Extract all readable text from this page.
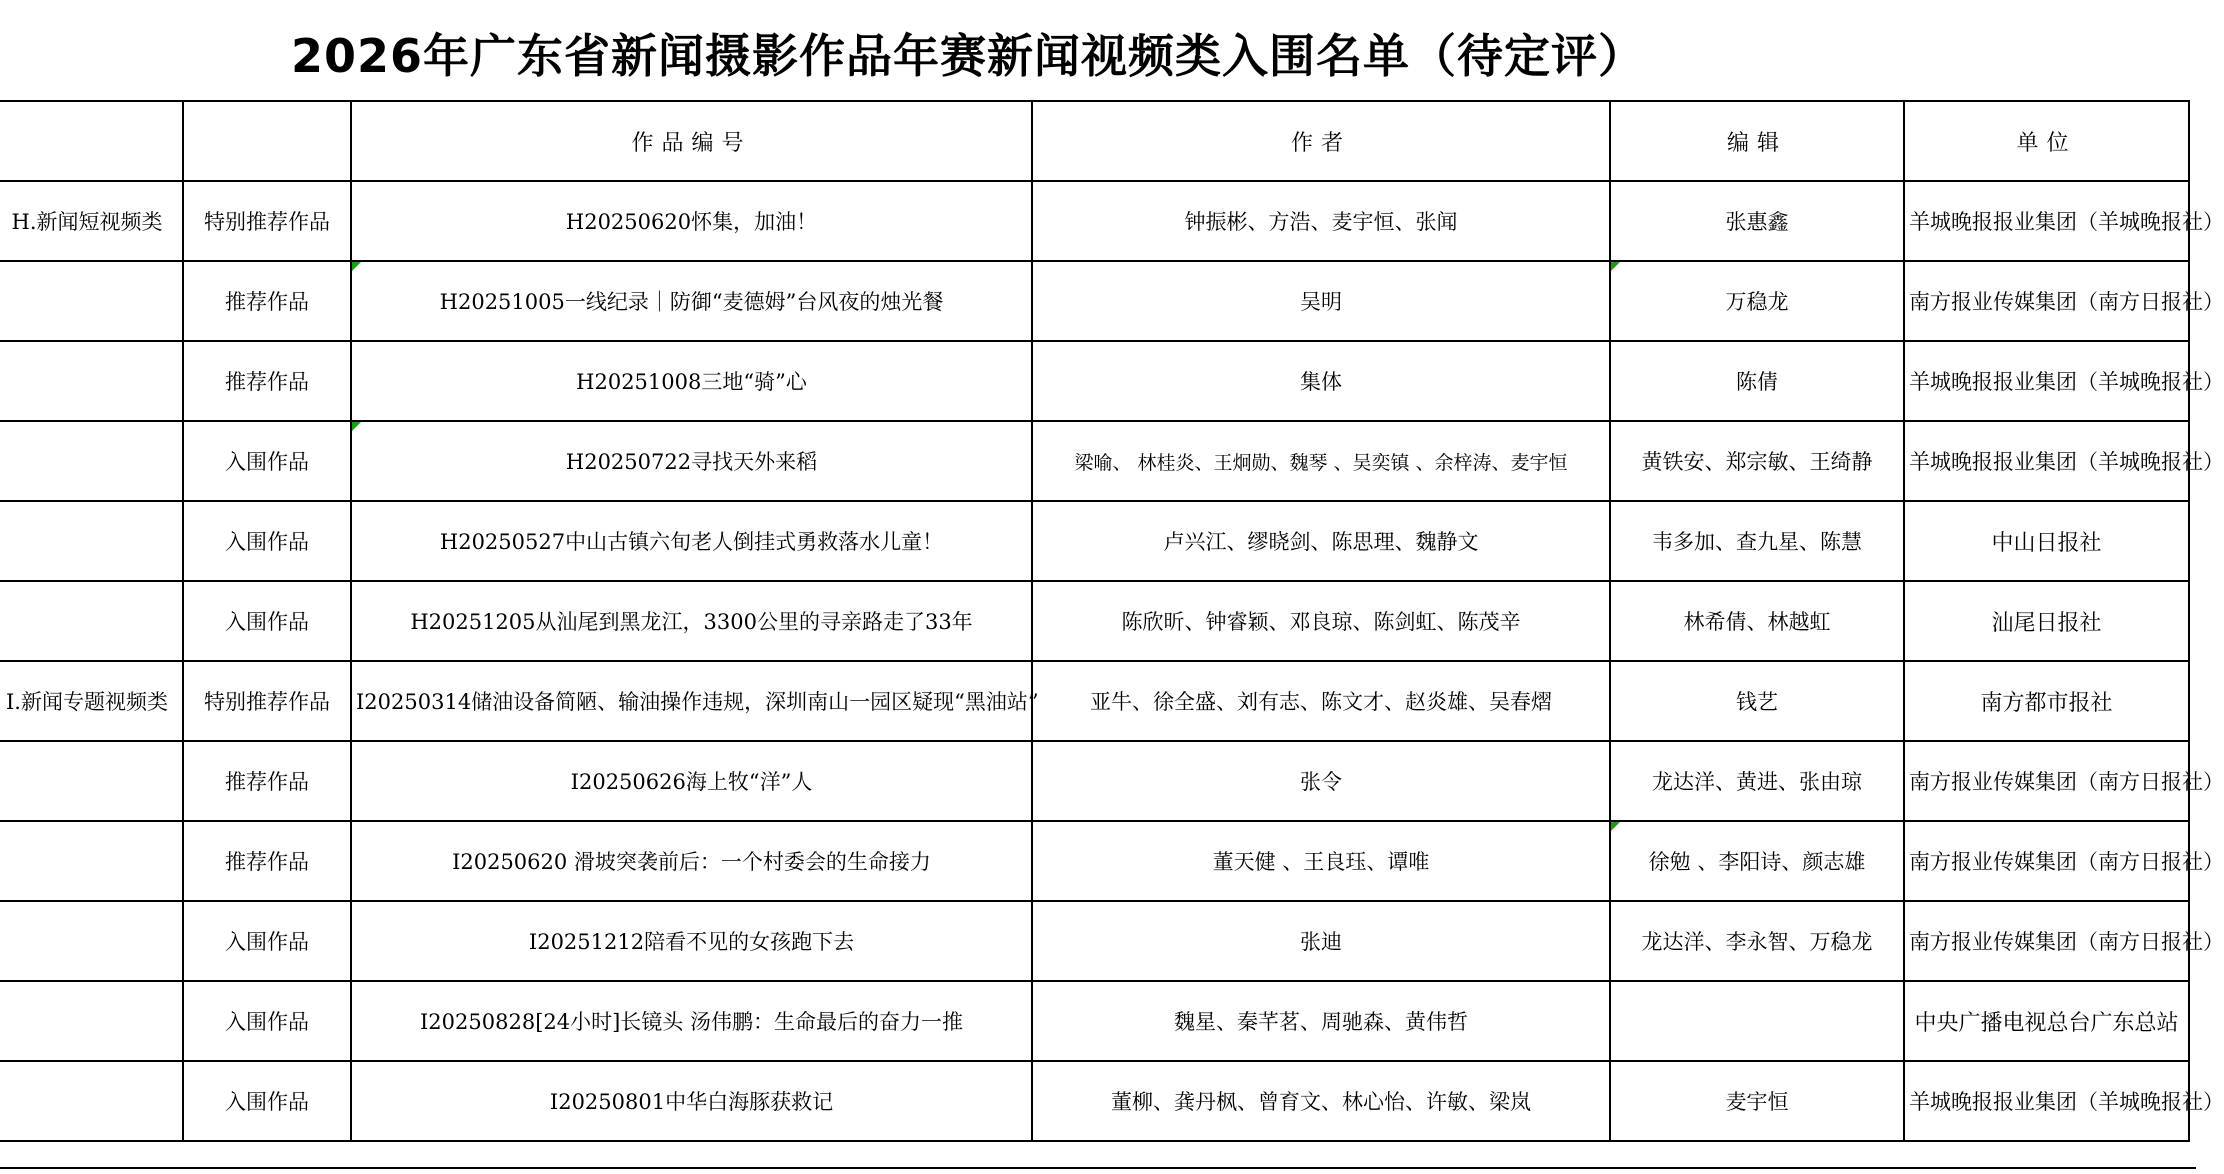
2026年广东省新闻摄影作品年赛新闻视频类入围名单（待定评）
		作品编号	作者	编辑	单位
H.新闻短视频类	特别推荐作品	H20250620怀集，加油！	钟振彬、方浩、麦宇恒、张闻	张惠鑫	羊城晚报报业集团（羊城晚报社）
	推荐作品	H20251005一线纪录｜防御“麦德姆”台风夜的烛光餐	吴明	万稳龙	南方报业传媒集团（南方日报社）
	推荐作品	H20251008三地“骑”心	集体	陈倩	羊城晚报报业集团（羊城晚报社）
	入围作品	H20250722寻找天外来稻	梁喻、 林桂炎、王炯勋、魏琴 、吴奕镇 、余梓涛、麦宇恒	黄铁安、郑宗敏、王绮静	羊城晚报报业集团（羊城晚报社）
	入围作品	H20250527中山古镇六旬老人倒挂式勇救落水儿童！	卢兴江、缪晓剑、陈思理、魏静文	韦多加、查九星、陈慧	中山日报社
	入围作品	H20251205从汕尾到黑龙江，3300公里的寻亲路走了33年	陈欣昕、钟睿颖、邓良琼、陈剑虹、陈茂辛	林希倩、林越虹	汕尾日报社
I.新闻专题视频类	特别推荐作品	I20250314储油设备简陋、输油操作违规，深圳南山一园区疑现“黑油站”	亚牛、徐全盛、刘有志、陈文才、赵炎雄、吴春熠	钱艺	南方都市报社
	推荐作品	I20250626海上牧“洋”人	张令	龙达洋、黄进、张由琼	南方报业传媒集团（南方日报社）
	推荐作品	I20250620 滑坡突袭前后：一个村委会的生命接力	董天健 、王良珏、谭唯	徐勉 、李阳诗、颜志雄	南方报业传媒集团（南方日报社）
	入围作品	I20251212陪看不见的女孩跑下去	张迪	龙达洋、李永智、万稳龙	南方报业传媒集团（南方日报社）
	入围作品	I20250828[24小时]长镜头 汤伟鹏：生命最后的奋力一推	魏星、秦芊茗、周驰森、黄伟哲		中央广播电视总台广东总站
	入围作品	I20250801中华白海豚获救记	董柳、龚丹枫、曾育文、林心怡、许敏、梁岚	麦宇恒	羊城晚报报业集团（羊城晚报社）
